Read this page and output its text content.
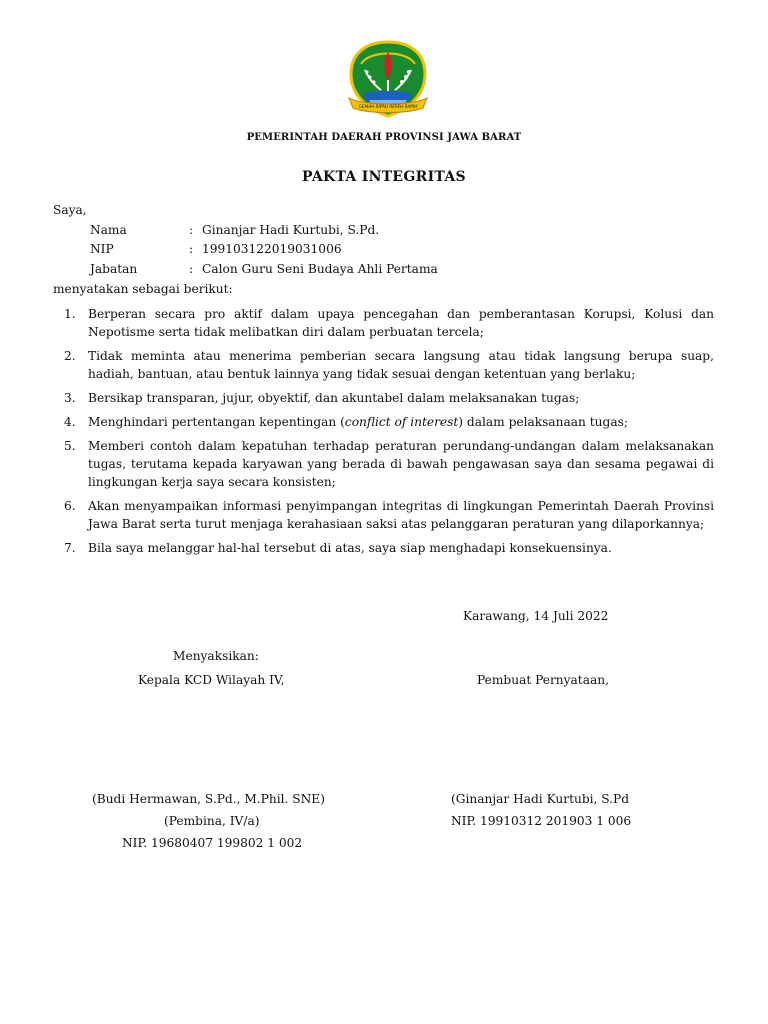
GEMAH RIPAH REPEH RAPIH
PEMERINTAH DAERAH PROVINSI JAWA BARAT
PAKTA INTEGRITAS
Saya,
Nama	: Ginanjar Hadi Kurtubi, S.Pd.
NIP	: 199103122019031006
Jabatan	: Calon Guru Seni Budaya Ahli Pertama
menyatakan sebagai berikut:
1.	Berperan secara pro aktif dalam upaya pencegahan dan pemberantasan Korupsi, Kolusi dan Nepotisme serta tidak melibatkan diri dalam perbuatan tercela;
2.	Tidak meminta atau menerima pemberian secara langsung atau tidak langsung berupa suap, hadiah, bantuan, atau bentuk lainnya yang tidak sesuai dengan ketentuan yang berlaku;
3.	Bersikap transparan, jujur, obyektif, dan akuntabel dalam melaksanakan tugas;
4.	Menghindari pertentangan kepentingan (conflict of interest) dalam pelaksanaan tugas;
5.	Memberi contoh dalam kepatuhan terhadap peraturan perundang-undangan dalam melaksanakan tugas, terutama kepada karyawan yang berada di bawah pengawasan saya dan sesama pegawai di lingkungan kerja saya secara konsisten;
6.	Akan menyampaikan informasi penyimpangan integritas di lingkungan Pemerintah Daerah Provinsi Jawa Barat serta turut menjaga kerahasiaan saksi atas pelanggaran peraturan yang dilaporkannya;
7.	Bila saya melanggar hal-hal tersebut di atas, saya siap menghadapi konsekuensinya.
Karawang, 14 Juli 2022
Menyaksikan:
Kepala KCD Wilayah IV,	Pembuat Pernyataan,
(Budi Hermawan, S.Pd., M.Phil. SNE)	(Ginanjar Hadi Kurtubi, S.Pd
(Pembina, IV/a)	NIP. 19910312 201903 1 006
NIP. 19680407 199802 1 002
